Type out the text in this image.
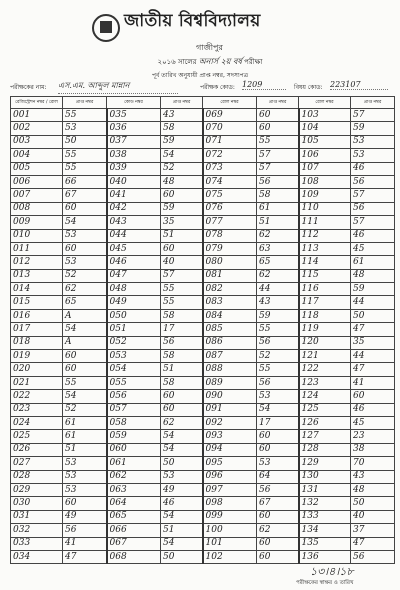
জাতীয় বিশ্ববিদ্যালয়
গাজীপুর
২০১৬ সালের অনার্স ২য় বর্ষ পরীক্ষা
পূর্ব তারিখ অনুযায়ী প্রাপ্ত নম্বর, সদস্যপত্র
পরীক্ষকের নাম: এস.এম. আব্দুল মান্নান	পরীক্ষক কোড: 1209	বিষয় কোড: 223107
রেজিস্ট্রেশন নম্বর / রোল	প্রাপ্ত নম্বর	কোড নম্বর	প্রাপ্ত নম্বর	রোল নম্বর	প্রাপ্ত নম্বর	রোল নম্বর	প্রাপ্ত নম্বর
001	55	035	43	069	60	103	57
002	53	036	58	070	60	104	59
003	50	037	59	071	55	105	53
004	55	038	54	072	57	106	53
005	55	039	52	073	57	107	46
006	66	040	48	074	56	108	56
007	67	041	60	075	58	109	57
008	60	042	59	076	61	110	56
009	54	043	35	077	51	111	57
010	53	044	51	078	62	112	46
011	60	045	60	079	63	113	45
012	53	046	40	080	65	114	61
013	52	047	57	081	62	115	48
014	62	048	55	082	44	116	59
015	65	049	55	083	43	117	44
016	A	050	58	084	59	118	50
017	54	051	17	085	55	119	47
018	A	052	56	086	56	120	35
019	60	053	58	087	52	121	44
020	60	054	51	088	55	122	47
021	55	055	58	089	56	123	41
022	54	056	60	090	53	124	60
023	52	057	60	091	54	125	46
024	61	058	62	092	17	126	45
025	61	059	54	093	60	127	23
026	51	060	54	094	60	128	38
027	53	061	50	095	53	129	70
028	53	062	53	096	64	130	43
029	53	063	49	097	56	131	48
030	60	064	46	098	67	132	50
031	49	065	54	099	60	133	40
032	56	066	51	100	62	134	37
033	41	067	54	101	60	135	47
034	47	068	50	102	60	136	56
১৩।৪।১৮
পরীক্ষকের স্বাক্ষর ও তারিখ
